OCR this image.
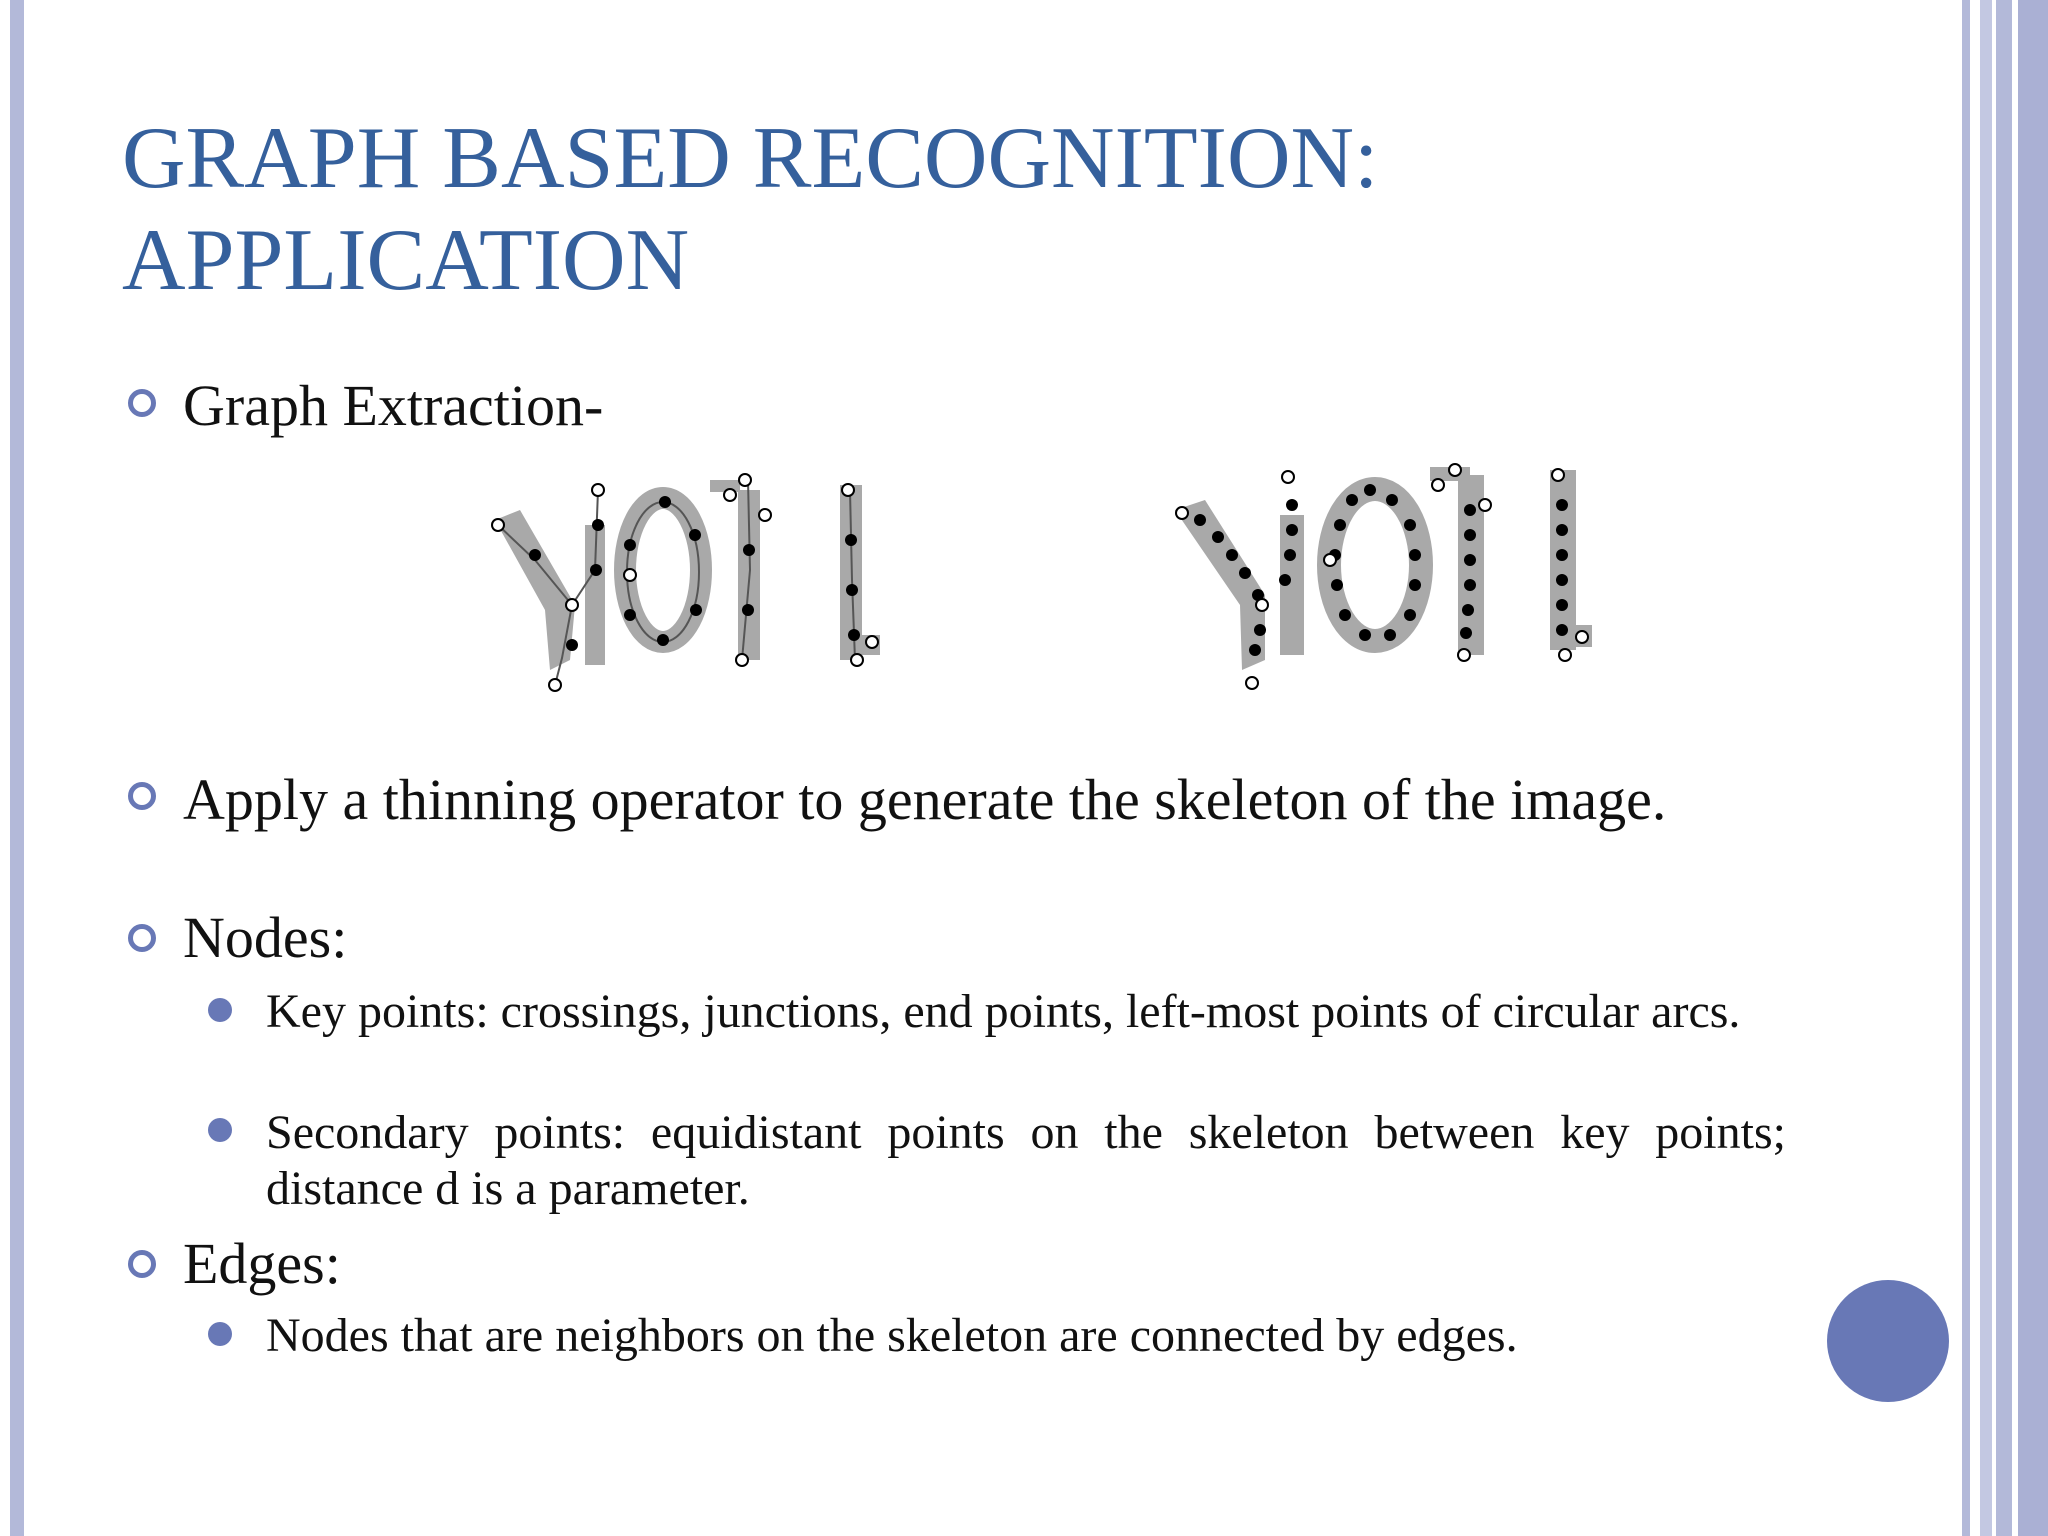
GRAPH BASED RECOGNITION:
APPLICATION
Graph Extraction-
Apply a thinning operator to generate the skeleton of the image.
Nodes:
Key points: crossings, junctions, end points, left-most points of circular arcs.
Secondary points: equidistant points on the skeleton between key points; distance d is a parameter.
Edges:
Nodes that are neighbors on the skeleton are connected by edges.
